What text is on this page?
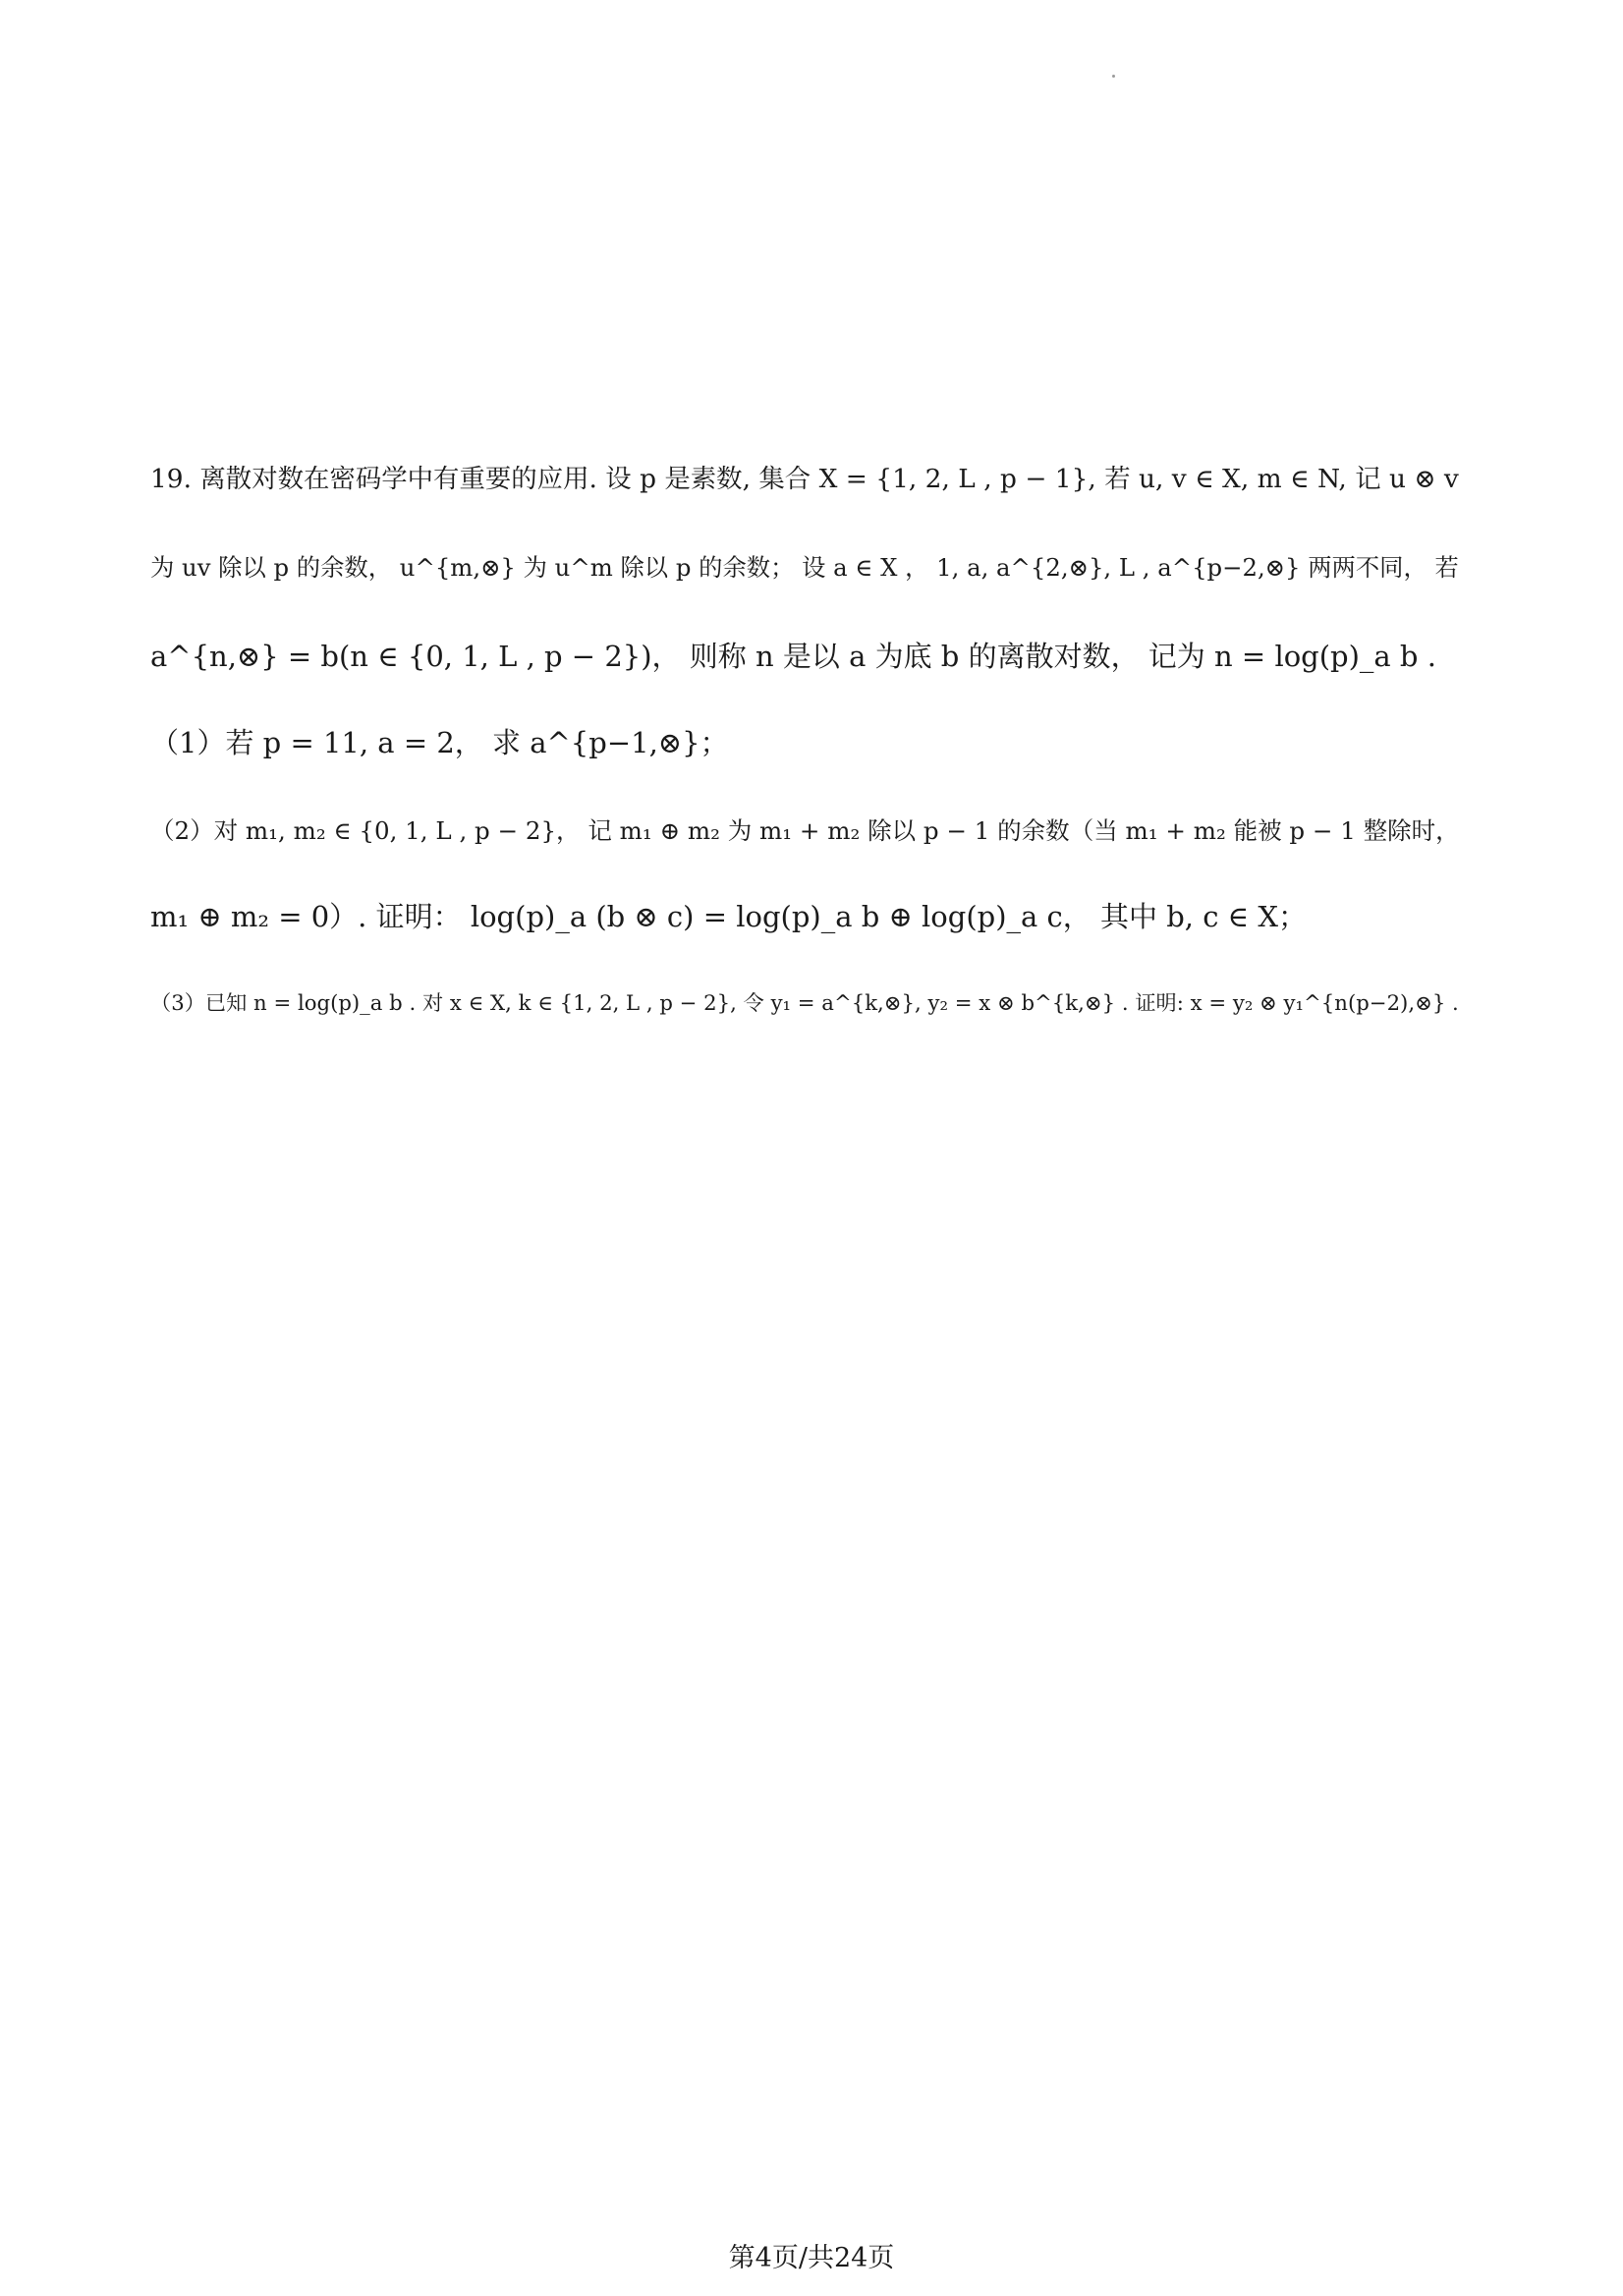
19. 离散对数在密码学中有重要的应用. 设 p 是素数, 集合 X = {1, 2, L , p − 1}, 若 u, v ∈ X, m ∈ N, 记 u ⊗ v
为 uv 除以 p 的余数， u^{m,⊗} 为 u^m 除以 p 的余数； 设 a ∈ X ， 1, a, a^{2,⊗}, L , a^{p−2,⊗} 两两不同， 若
a^{n,⊗} = b(n ∈ {0, 1, L , p − 2})， 则称 n 是以 a 为底 b 的离散对数， 记为 n = log(p)_a b .
（1）若 p = 11, a = 2， 求 a^{p−1,⊗}；
（2）对 m₁, m₂ ∈ {0, 1, L , p − 2}， 记 m₁ ⊕ m₂ 为 m₁ + m₂ 除以 p − 1 的余数（当 m₁ + m₂ 能被 p − 1 整除时，
m₁ ⊕ m₂ = 0）. 证明： log(p)_a (b ⊗ c) = log(p)_a b ⊕ log(p)_a c， 其中 b, c ∈ X；
（3）已知 n = log(p)_a b . 对 x ∈ X, k ∈ {1, 2, L , p − 2}, 令 y₁ = a^{k,⊗}, y₂ = x ⊗ b^{k,⊗} . 证明: x = y₂ ⊗ y₁^{n(p−2),⊗} .
第4页/共24页
